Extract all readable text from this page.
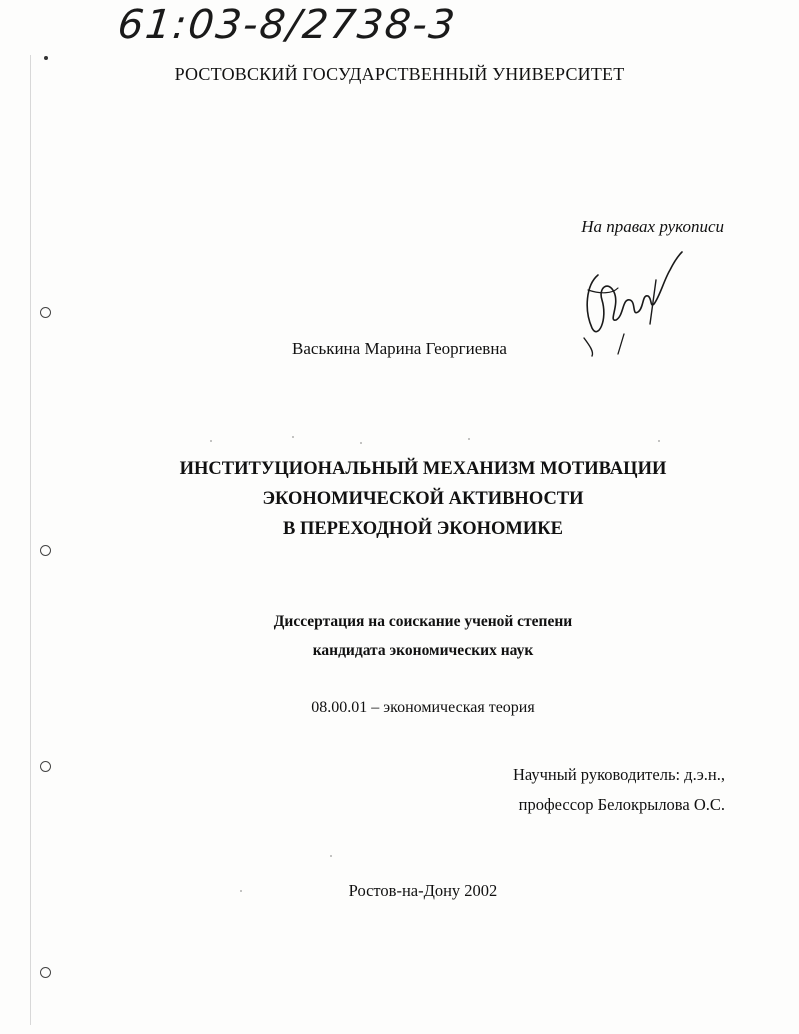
61:03-8/2738-3
РОСТОВСКИЙ ГОСУДАРСТВЕННЫЙ УНИВЕРСИТЕТ
На правах рукописи
Васькина Марина Георгиевна
ИНСТИТУЦИОНАЛЬНЫЙ МЕХАНИЗМ МОТИВАЦИИ
ЭКОНОМИЧЕСКОЙ АКТИВНОСТИ
В ПЕРЕХОДНОЙ ЭКОНОМИКЕ
Диссертация на соискание ученой степени
кандидата экономических наук
08.00.01 – экономическая теория
Научный руководитель: д.э.н.,
профессор Белокрылова О.С.
Ростов-на-Дону 2002
